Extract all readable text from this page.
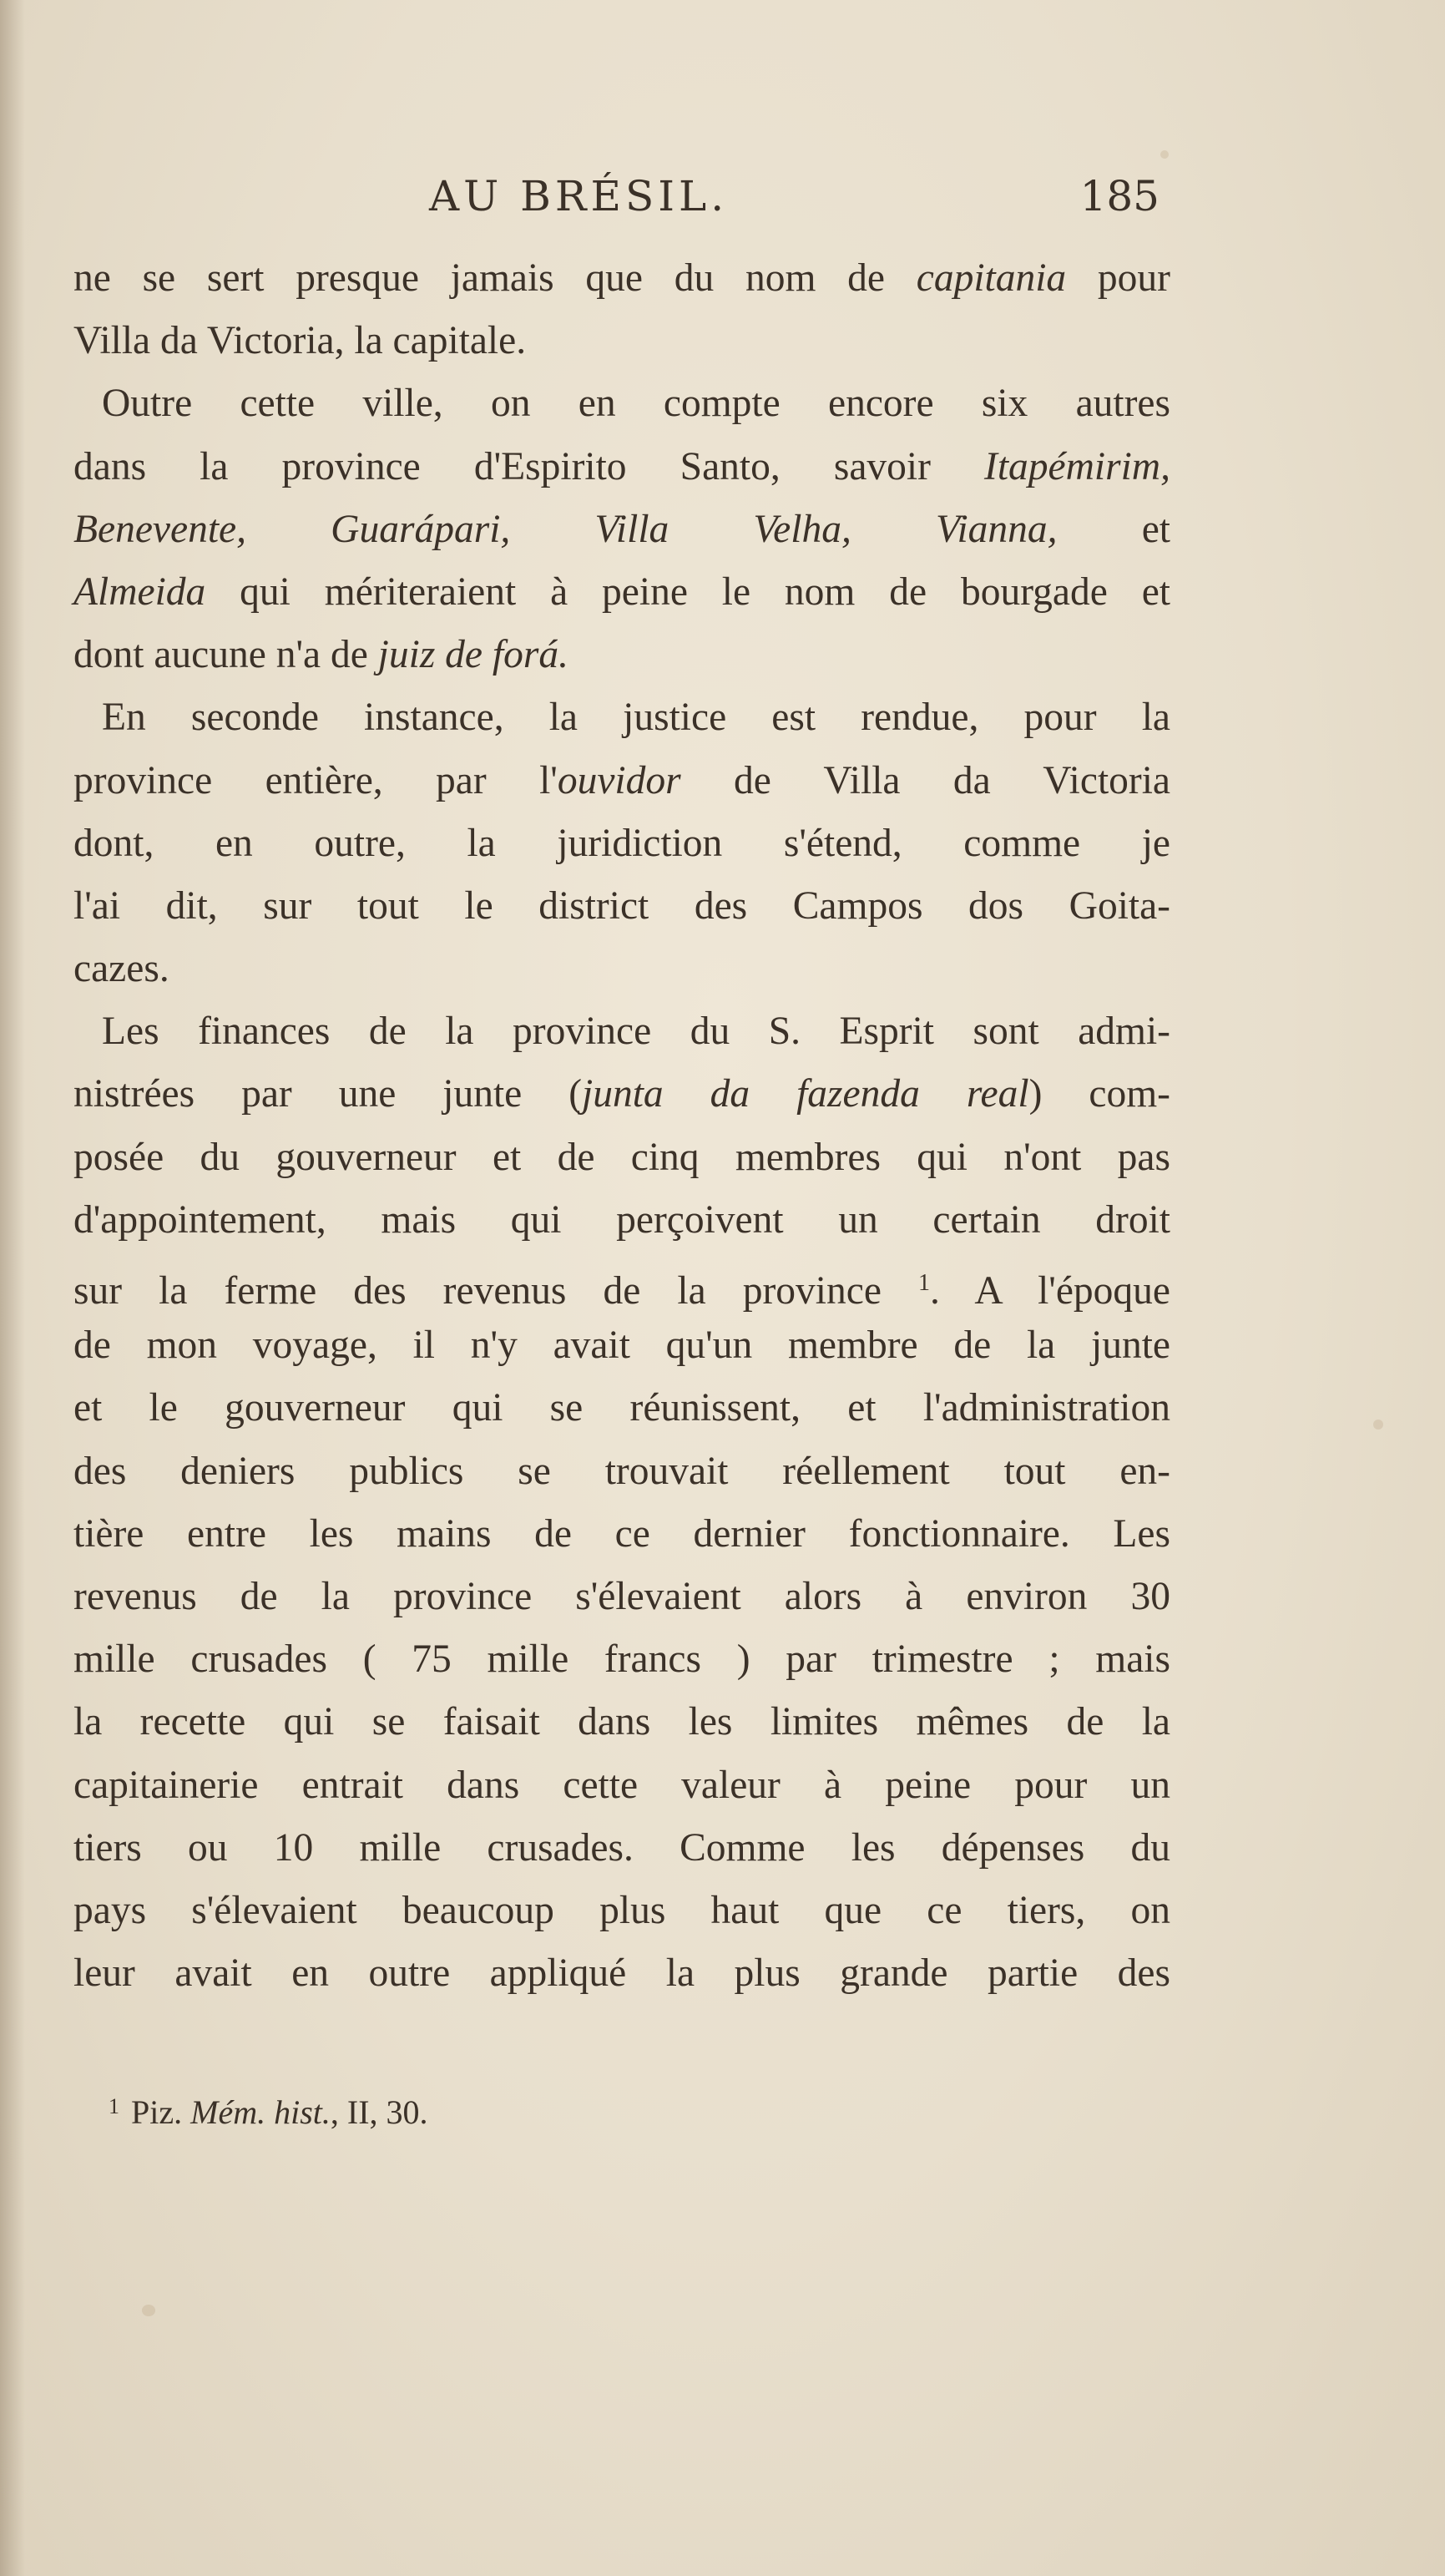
AU BRÉSIL.	185
ne se sert presque jamais que du nom de capitania pour
Villa da Victoria, la capitale.
Outre cette ville, on en compte encore six autres
dans la province d'Espirito Santo, savoir Itapémirim,
Benevente, Guarápari, Villa Velha, Vianna, et
Almeida qui mériteraient à peine le nom de bourgade et
dont aucune n'a de juiz de forá.
En seconde instance, la justice est rendue, pour la
province entière, par l'ouvidor de Villa da Victoria
dont, en outre, la juridiction s'étend, comme je
l'ai dit, sur tout le district des Campos dos Goita-
cazes.
Les finances de la province du S. Esprit sont admi-
nistrées par une junte (junta da fazenda real) com-
posée du gouverneur et de cinq membres qui n'ont pas
d'appointement, mais qui perçoivent un certain droit
sur la ferme des revenus de la province $^1$. A l'époque
de mon voyage, il n'y avait qu'un membre de la junte
et le gouverneur qui se réunissent, et l'administration
des deniers publics se trouvait réellement tout en-
tière entre les mains de ce dernier fonctionnaire. Les
revenus de la province s'élevaient alors à environ 30
mille crusades ( 75 mille francs ) par trimestre ; mais
la recette qui se faisait dans les limites mêmes de la
capitainerie entrait dans cette valeur à peine pour un
tiers ou 10 mille crusades. Comme les dépenses du
pays s'élevaient beaucoup plus haut que ce tiers, on
leur avait en outre appliqué la plus grande partie des
$^1$ Piz. Mém. hist., II, 30.
